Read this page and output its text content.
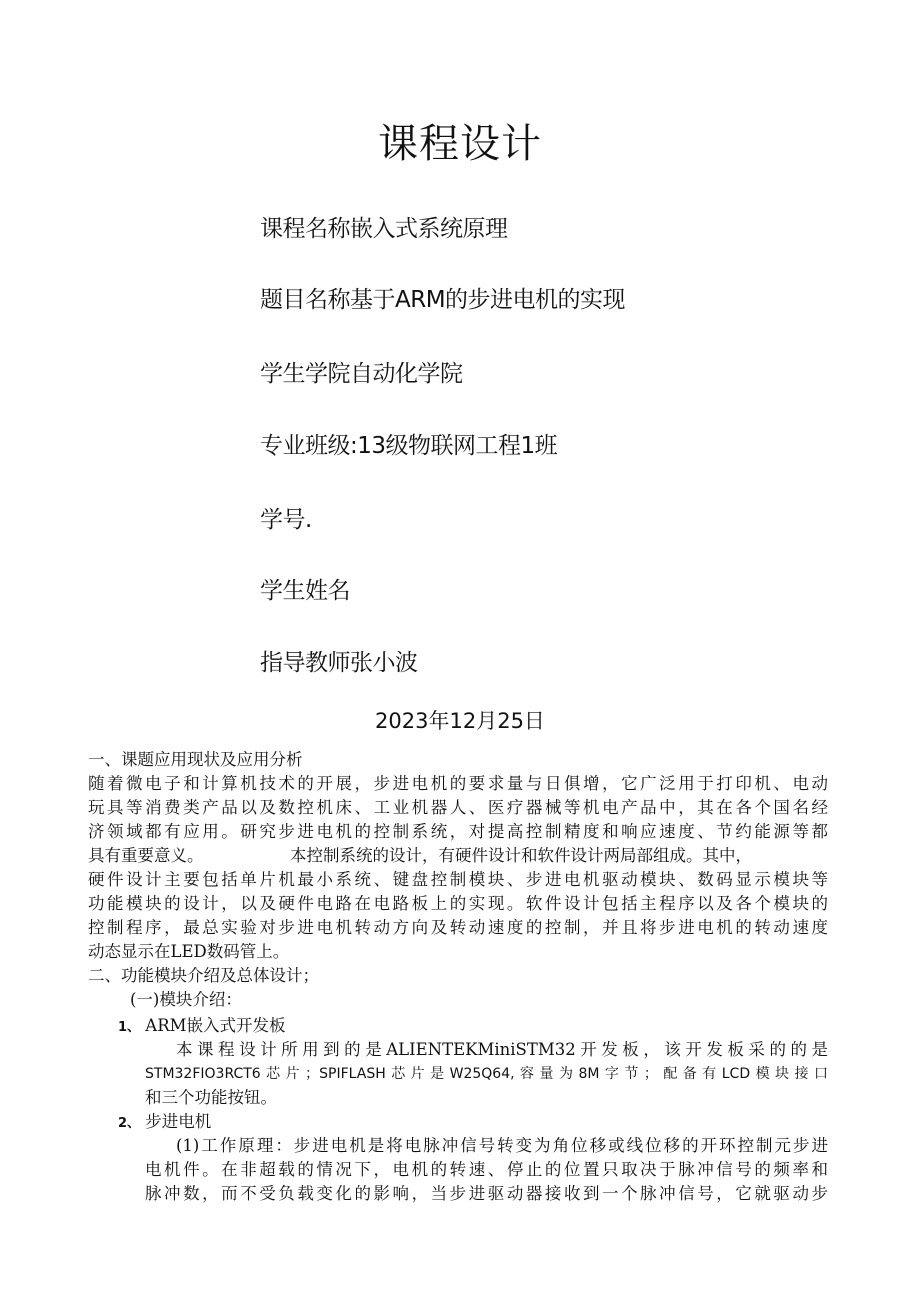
课程设计
课程名称嵌入式系统原理
题目名称基于ARM的步进电机的实现
学生学院自动化学院
专业班级:13级物联网工程1班
学号.
学生姓名
指导教师张小波
2023年12月25日
一、课题应用现状及应用分析
随着微电子和计算机技术的开展，步进电机的要求量与日俱增，它广泛用于打印机、电动
玩具等消费类产品以及数控机床、工业机器人、医疗器械等机电产品中，其在各个国名经
济领域都有应用。研究步进电机的控制系统，对提高控制精度和响应速度、节约能源等都
具有重要意义。	本控制系统的设计，有硬件设计和软件设计两局部组成。其中，
硬件设计主要包括单片机最小系统、键盘控制模块、步进电机驱动模块、数码显示模块等
功能模块的设计，以及硬件电路在电路板上的实现。软件设计包括主程序以及各个模块的
控制程序，最总实验对步进电机转动方向及转动速度的控制，并且将步进电机的转动速度
动态显示在LED数码管上。
二、功能模块介绍及总体设计；
(一)模块介绍：
1、 ARM嵌入式开发板
本课程设计所用到的是ALIENTEKMiniSTM32开发板，该开发板采的的是
STM32FIO3RCT6芯片；SPIFLASH芯片是W25Q64,容量为8M字节；配备有LCD模块接口
和三个功能按钮。
2、 步进电机
(1)工作原理：步进电机是将电脉冲信号转变为角位移或线位移的开环控制元步进
电机件。在非超载的情况下，电机的转速、停止的位置只取决于脉冲信号的频率和
脉冲数，而不受负载变化的影响，当步进驱动器接收到一个脉冲信号，它就驱动步
